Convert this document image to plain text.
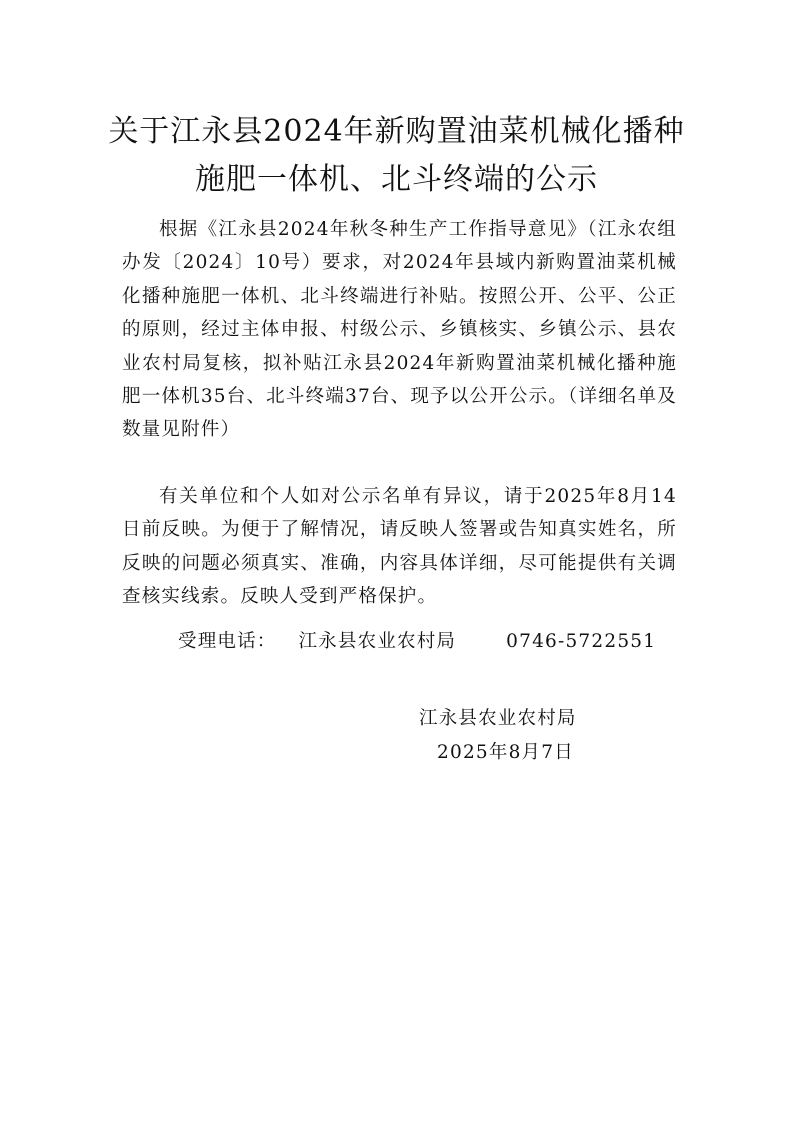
关于江永县2024年新购置油菜机械化播种
施肥一体机、北斗终端的公示
根据《江永县2024年秋冬种生产工作指导意见》（江永农组办发〔2024〕10号）要求，对2024年县域内新购置油菜机械化播种施肥一体机、北斗终端进行补贴。按照公开、公平、公正的原则，经过主体申报、村级公示、乡镇核实、乡镇公示、县农业农村局复核，拟补贴江永县2024年新购置油菜机械化播种施肥一体机35台、北斗终端37台、现予以公开公示。（详细名单及数量见附件）
有关单位和个人如对公示名单有异议，请于2025年8月14日前反映。为便于了解情况，请反映人签署或告知真实姓名，所反映的问题必须真实、准确，内容具体详细，尽可能提供有关调查核实线索。反映人受到严格保护。
受理电话： 江永县农业农村局	0746-5722551
江永县农业农村局
2025年8月7日
